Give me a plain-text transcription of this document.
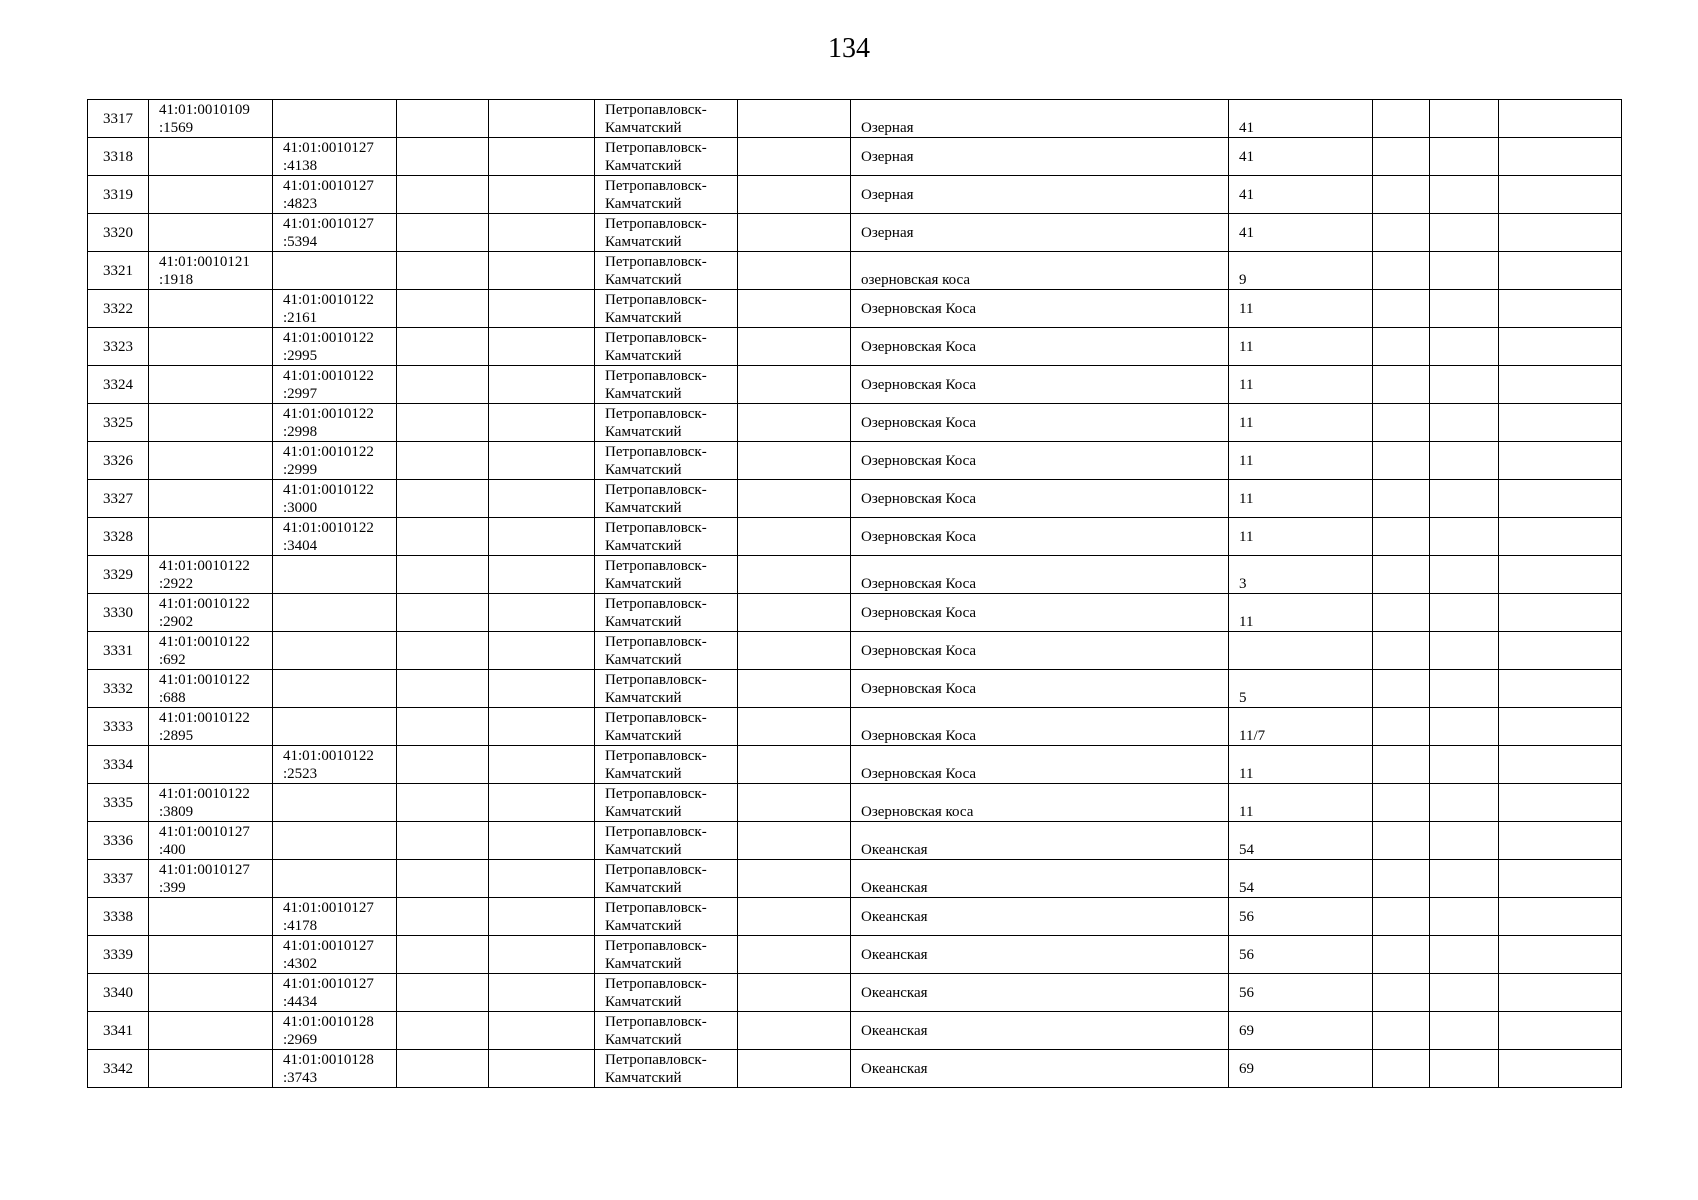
134
3317	41:01:0010109
:1569				Петропавловск-
Камчатский		Озерная	41			
3318		41:01:0010127
:4138			Петропавловск-
Камчатский		Озерная	41			
3319		41:01:0010127
:4823			Петропавловск-
Камчатский		Озерная	41			
3320		41:01:0010127
:5394			Петропавловск-
Камчатский		Озерная	41			
3321	41:01:0010121
:1918				Петропавловск-
Камчатский		озерновская коса	9			
3322		41:01:0010122
:2161			Петропавловск-
Камчатский		Озерновская Коса	11			
3323		41:01:0010122
:2995			Петропавловск-
Камчатский		Озерновская Коса	11			
3324		41:01:0010122
:2997			Петропавловск-
Камчатский		Озерновская Коса	11			
3325		41:01:0010122
:2998			Петропавловск-
Камчатский		Озерновская Коса	11			
3326		41:01:0010122
:2999			Петропавловск-
Камчатский		Озерновская Коса	11			
3327		41:01:0010122
:3000			Петропавловск-
Камчатский		Озерновская Коса	11			
3328		41:01:0010122
:3404			Петропавловск-
Камчатский		Озерновская Коса	11			
3329	41:01:0010122
:2922				Петропавловск-
Камчатский		Озерновская Коса	3			
3330	41:01:0010122
:2902				Петропавловск-
Камчатский		Озерновская Коса	11			
3331	41:01:0010122
:692				Петропавловск-
Камчатский		Озерновская Коса				
3332	41:01:0010122
:688				Петропавловск-
Камчатский		Озерновская Коса	5			
3333	41:01:0010122
:2895				Петропавловск-
Камчатский		Озерновская Коса	11/7			
3334		41:01:0010122
:2523			Петропавловск-
Камчатский		Озерновская Коса	11			
3335	41:01:0010122
:3809				Петропавловск-
Камчатский		Озерновская коса	11			
3336	41:01:0010127
:400				Петропавловск-
Камчатский		Океанская	54			
3337	41:01:0010127
:399				Петропавловск-
Камчатский		Океанская	54			
3338		41:01:0010127
:4178			Петропавловск-
Камчатский		Океанская	56			
3339		41:01:0010127
:4302			Петропавловск-
Камчатский		Океанская	56			
3340		41:01:0010127
:4434			Петропавловск-
Камчатский		Океанская	56			
3341		41:01:0010128
:2969			Петропавловск-
Камчатский		Океанская	69			
3342		41:01:0010128
:3743			Петропавловск-
Камчатский		Океанская	69			
